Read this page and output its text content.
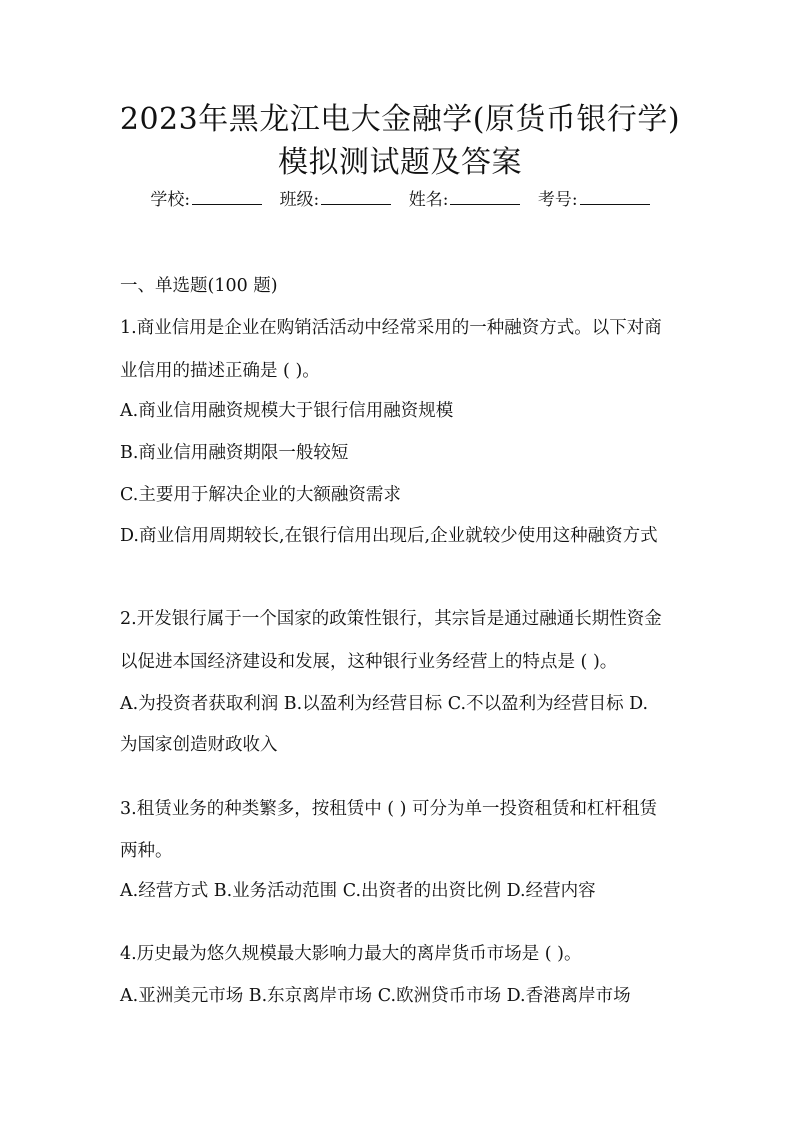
2023年黑龙江电大金融学(原货币银行学)
模拟测试题及答案
学校:	班级:	姓名:	考号:

一、单选题(100 题)

1.商业信用是企业在购销活活动中经常采用的一种融资方式。以下对商

业信用的描述正确是 ( )。

A.商业信用融资规模大于银行信用融资规模

B.商业信用融资期限一般较短

C.主要用于解决企业的大额融资需求

D.商业信用周期较长,在银行信用出现后,企业就较少使用这种融资方式

2.开发银行属于一个国家的政策性银行，其宗旨是通过融通长期性资金

以促进本国经济建设和发展，这种银行业务经营上的特点是 ( )。

A.为投资者获取利润 B.以盈利为经营目标 C.不以盈利为经营目标 D.

为国家创造财政收入

3.租赁业务的种类繁多，按租赁中 ( ) 可分为单一投资租赁和杠杆租赁

两种。

A.经营方式 B.业务活动范围 C.出资者的出资比例 D.经营内容

4.历史最为悠久规模最大影响力最大的离岸货币市场是 ( )。

A.亚洲美元市场 B.东京离岸市场 C.欧洲贷币市场 D.香港离岸市场
